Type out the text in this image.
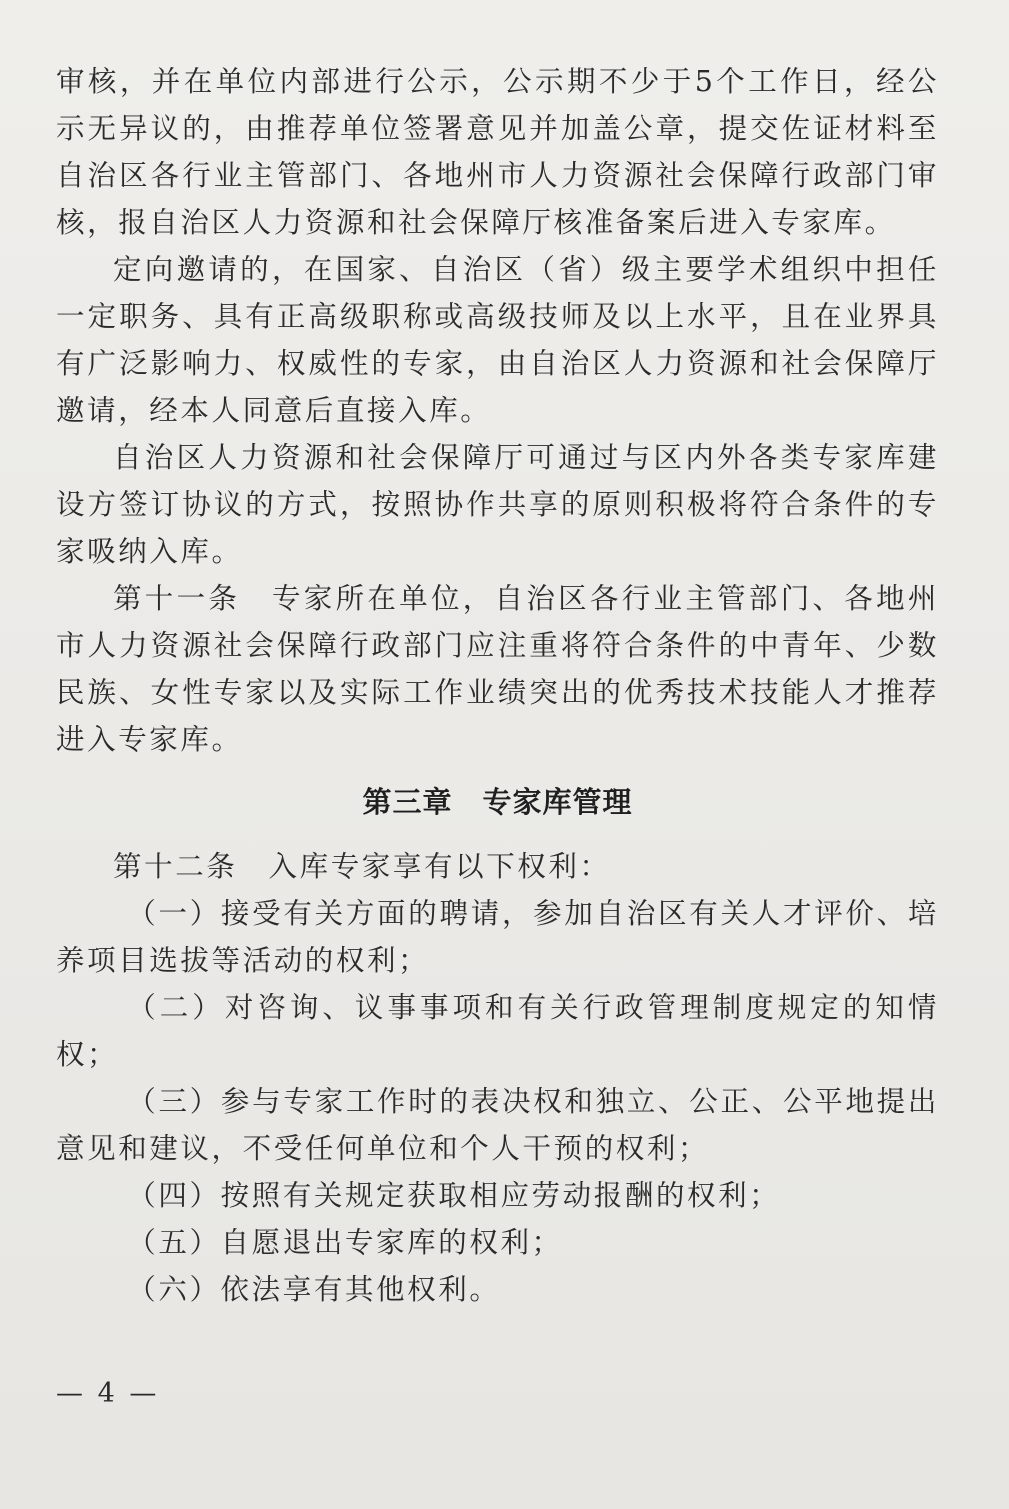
审核，并在单位内部进行公示，公示期不少于5个工作日，经公示无异议的，由推荐单位签署意见并加盖公章，提交佐证材料至自治区各行业主管部门、各地州市人力资源社会保障行政部门审核，报自治区人力资源和社会保障厅核准备案后进入专家库。

定向邀请的，在国家、自治区（省）级主要学术组织中担任一定职务、具有正高级职称或高级技师及以上水平，且在业界具有广泛影响力、权威性的专家，由自治区人力资源和社会保障厅邀请，经本人同意后直接入库。

自治区人力资源和社会保障厅可通过与区内外各类专家库建设方签订协议的方式，按照协作共享的原则积极将符合条件的专家吸纳入库。

第十一条　专家所在单位，自治区各行业主管部门、各地州市人力资源社会保障行政部门应注重将符合条件的中青年、少数民族、女性专家以及实际工作业绩突出的优秀技术技能人才推荐进入专家库。

第三章　专家库管理

第十二条　入库专家享有以下权利：

（一）接受有关方面的聘请，参加自治区有关人才评价、培养项目选拔等活动的权利；

（二）对咨询、议事事项和有关行政管理制度规定的知情权；

（三）参与专家工作时的表决权和独立、公正、公平地提出意见和建议，不受任何单位和个人干预的权利；

（四）按照有关规定获取相应劳动报酬的权利；

（五）自愿退出专家库的权利；

（六）依法享有其他权利。

— 4 —
